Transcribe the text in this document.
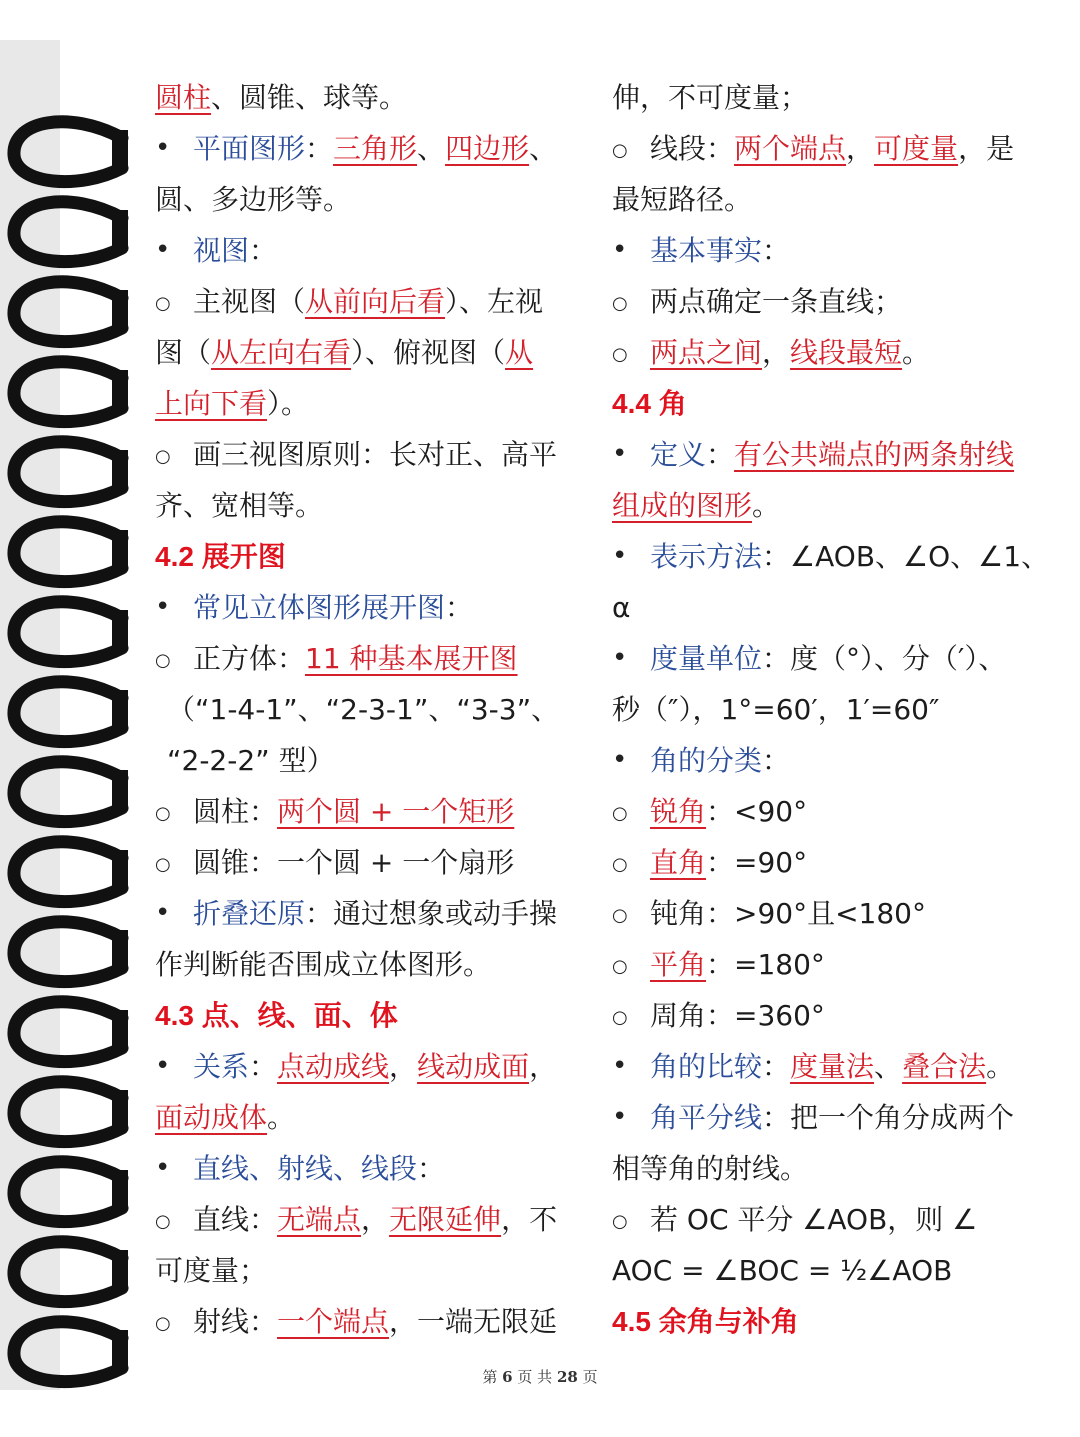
圆柱、圆锥、球等。
• 平面图形：三角形、四边形、
圆、多边形等。
• 视图：
○ 主视图（从前向后看）、左视
图（从左向右看）、俯视图（从
上向下看）。
○ 画三视图原则：长对正、高平
齐、宽相等。
4.2 展开图
• 常见立体图形展开图：
○ 正方体：11 种基本展开图
（“1-4-1”、“2-3-1”、“3-3”、
“2-2-2” 型）
○ 圆柱：两个圆 + 一个矩形
○ 圆锥：一个圆 + 一个扇形
• 折叠还原：通过想象或动手操
作判断能否围成立体图形。
4.3 点、线、面、体
• 关系：点动成线，线动成面，
面动成体。
• 直线、射线、线段：
○ 直线：无端点，无限延伸，不
可度量；
○ 射线：一个端点，一端无限延
伸，不可度量；
○ 线段：两个端点，可度量，是
最短路径。
• 基本事实：
○ 两点确定一条直线；
○ 两点之间，线段最短。
4.4 角
• 定义：有公共端点的两条射线
组成的图形。
• 表示方法：∠AOB、∠O、∠1、
α
• 度量单位：度（°）、分（′）、
秒（″），1°=60′，1′=60″
• 角的分类：
○ 锐角：<90°
○ 直角：=90°
○ 钝角：>90°且<180°
○ 平角：=180°
○ 周角：=360°
• 角的比较：度量法、叠合法。
• 角平分线：把一个角分成两个
相等角的射线。
○ 若 OC 平分 ∠AOB，则 ∠
AOC = ∠BOC = ½∠AOB
4.5 余角与补角
第 6 页 共 28 页
